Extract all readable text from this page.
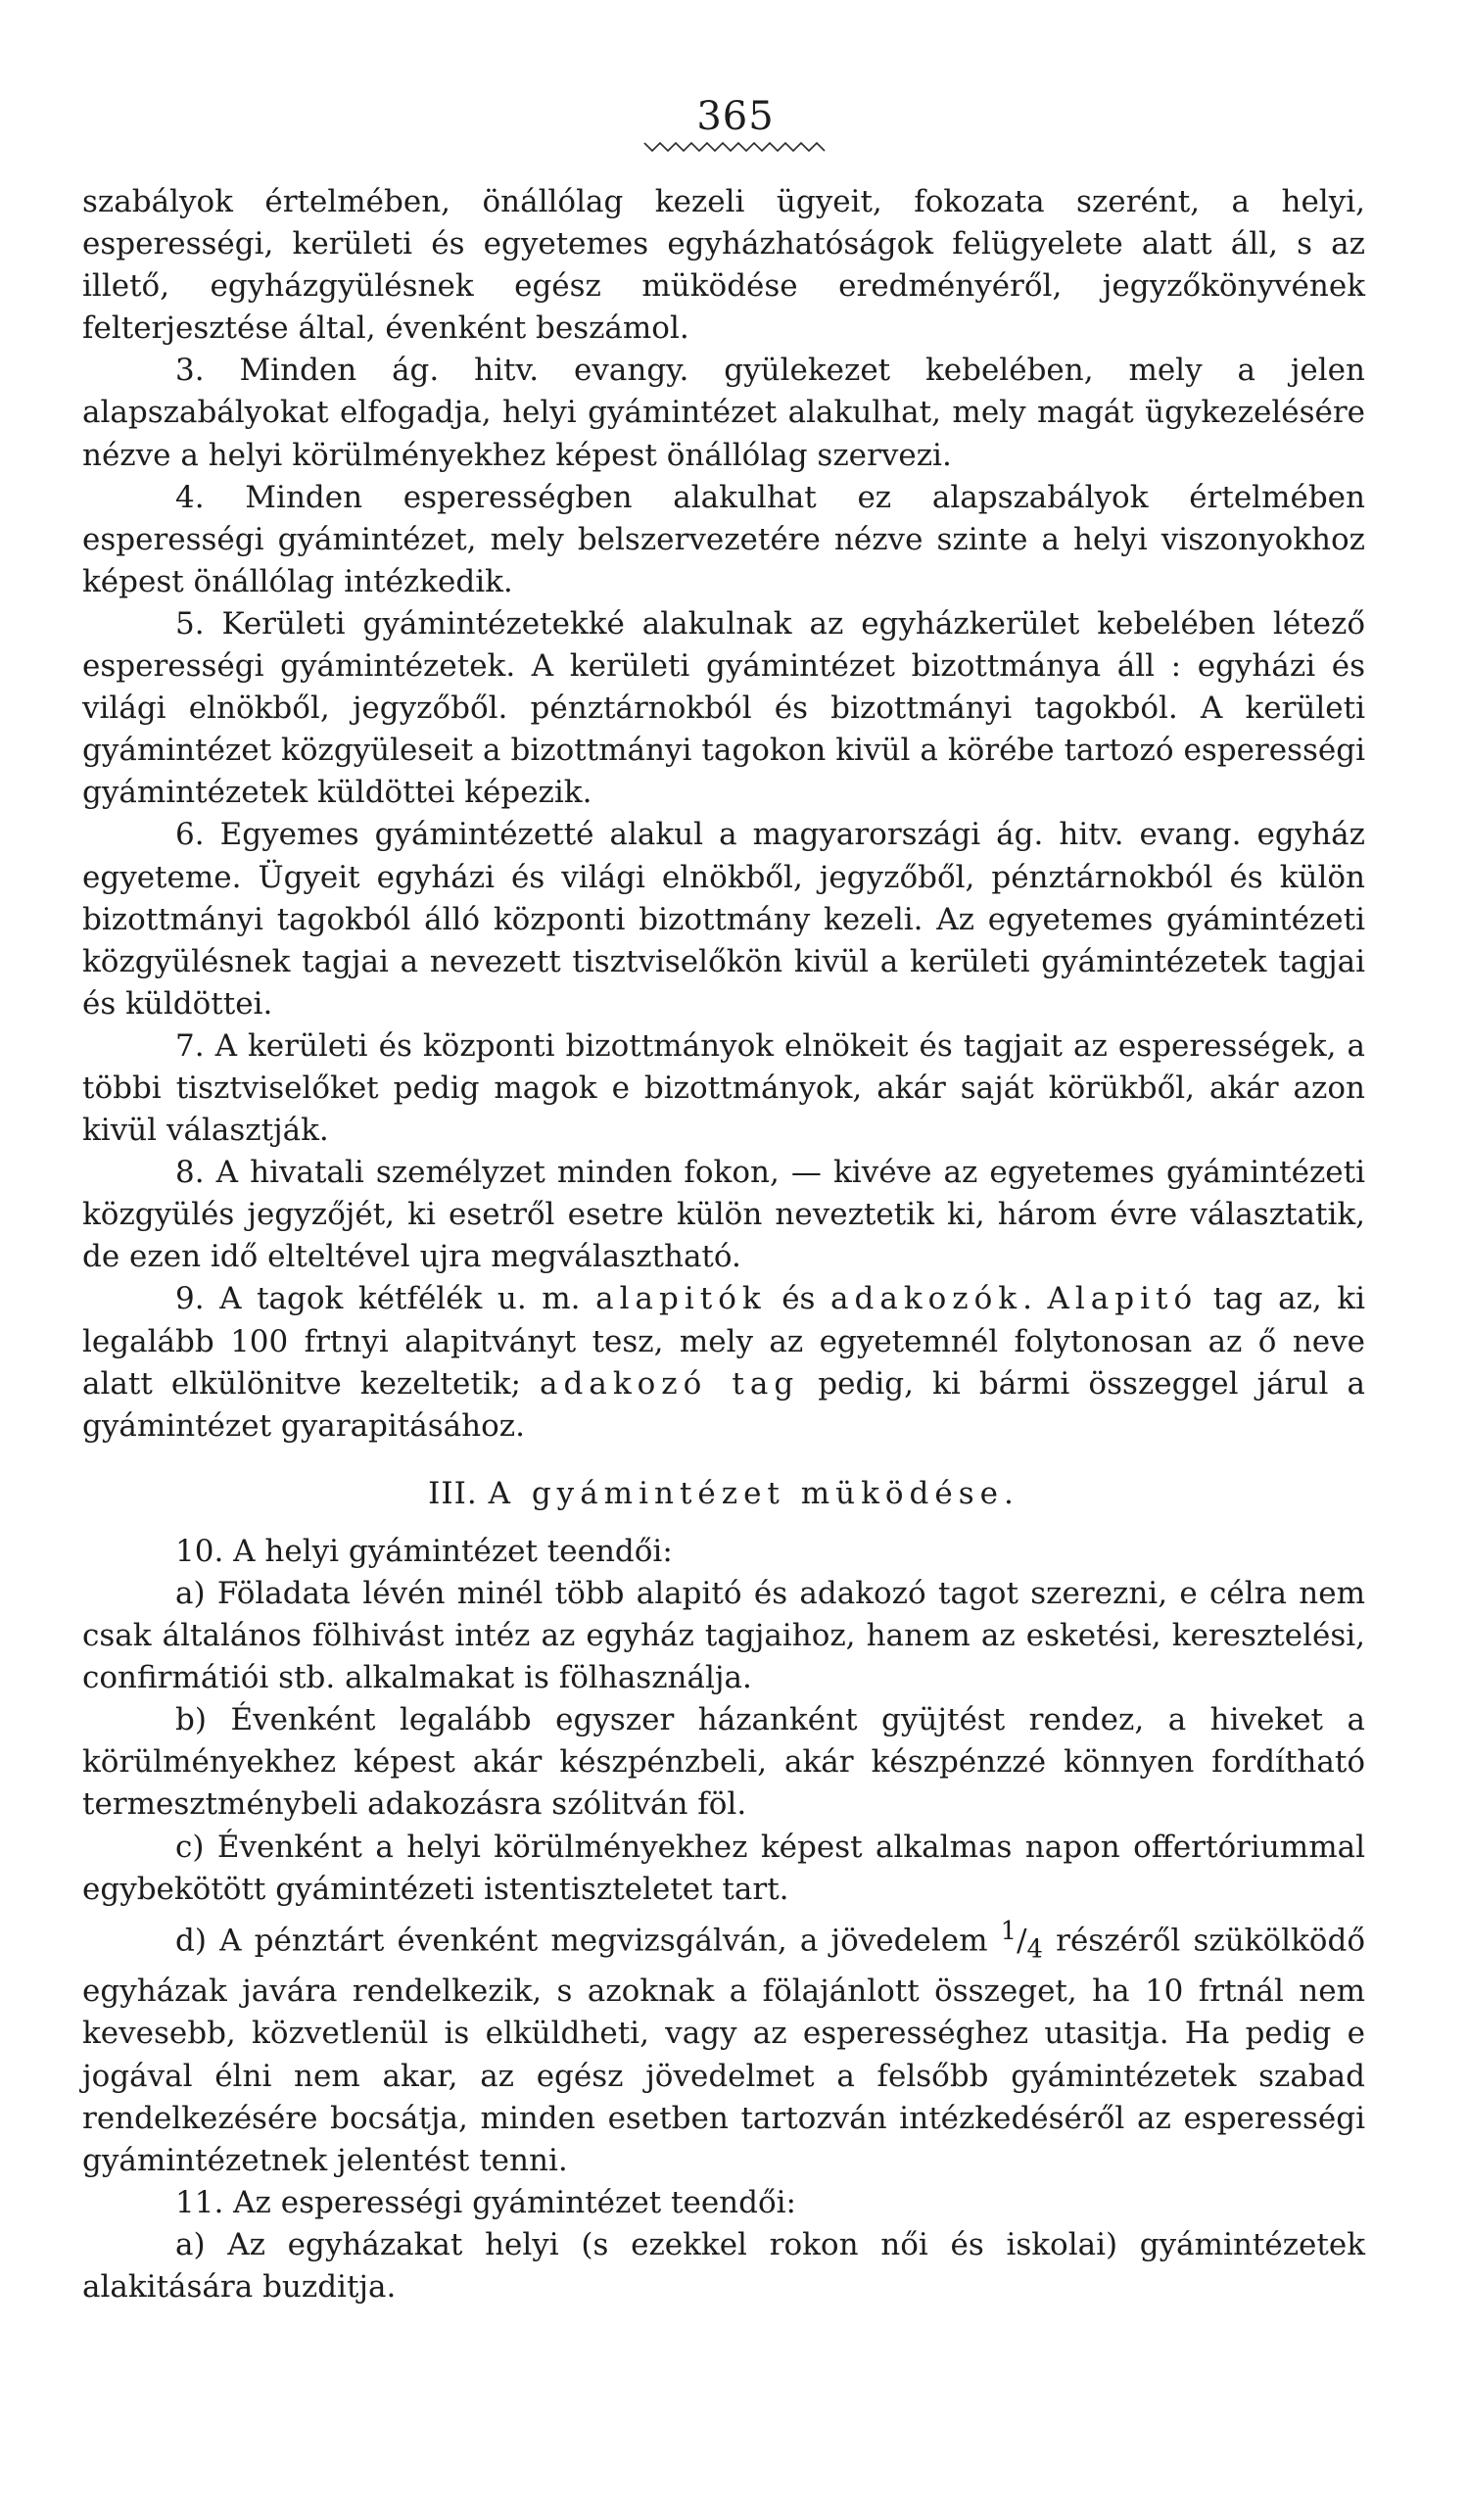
365

szabályok értelmében, önállólag kezeli ügyeit, fokozata szerént, a helyi, esperességi, kerületi és egyetemes egyházhatóságok felügyelete alatt áll, s az illető, egyházgyülésnek egész müködése eredményéről, jegyzőkönyvének felterjesztése által, évenként beszámol.

3. Minden ág. hitv. evangy. gyülekezet kebelében, mely a jelen alapszabályokat elfogadja, helyi gyámintézet alakulhat, mely magát ügykezelésére nézve a helyi körülményekhez képest önállólag szervezi.

4. Minden esperességben alakulhat ez alapszabályok értelmében esperességi gyámintézet, mely belszervezetére nézve szinte a helyi viszonyokhoz képest önállólag intézkedik.

5. Kerületi gyámintézetekké alakulnak az egyházkerület kebelében létező esperességi gyámintézetek. A kerületi gyámintézet bizottmánya áll : egyházi és világi elnökből, jegyzőből. pénztárnokból és bizottmányi tagokból. A kerületi gyámintézet közgyüleseit a bizottmányi tagokon kivül a körébe tartozó esperességi gyámintézetek küldöttei képezik.

6. Egyemes gyámintézetté alakul a magyarországi ág. hitv. evang. egyház egyeteme. Ügyeit egyházi és világi elnökből, jegyzőből, pénztárnokból és külön bizottmányi tagokból álló központi bizottmány kezeli. Az egyetemes gyámintézeti közgyülésnek tagjai a nevezett tisztviselőkön kivül a kerületi gyámintézetek tagjai és küldöttei.

7. A kerületi és központi bizottmányok elnökeit és tagjait az esperességek, a többi tisztviselőket pedig magok e bizottmányok, akár saját körükből, akár azon kivül választják.

8. A hivatali személyzet minden fokon, — kivéve az egyetemes gyámintézeti közgyülés jegyzőjét, ki esetről esetre külön neveztetik ki, három évre választatik, de ezen idő elteltével ujra megválasztható.

9. A tagok kétfélék u. m. alapitók és adakozók. Alapitó tag az, ki legalább 100 frtnyi alapitványt tesz, mely az egyetemnél folytonosan az ő neve alatt elkülönitve kezeltetik; adakozó tag pedig, ki bármi összeggel járul a gyámintézet gyarapitásához.

III. A gyámintézet müködése.

10. A helyi gyámintézet teendői:

a) Föladata lévén minél több alapitó és adakozó tagot szerezni, e célra nem csak általános fölhivást intéz az egyház tagjaihoz, hanem az esketési, keresztelési, confirmátiói stb. alkalmakat is fölhasználja.

b) Évenként legalább egyszer házanként gyüjtést rendez, a hiveket a körülményekhez képest akár készpénzbeli, akár készpénzzé könnyen fordítható termesztménybeli adakozásra szólitván föl.

c) Évenként a helyi körülményekhez képest alkalmas napon offertóriummal egybekötött gyámintézeti istentiszteletet tart.

d) A pénztárt évenként megvizsgálván, a jövedelem $^1/_4$ részéről szükölködő egyházak javára rendelkezik, s azoknak a fölajánlott összeget, ha 10 frtnál nem kevesebb, közvetlenül is elküldheti, vagy az esperességhez utasitja. Ha pedig e jogával élni nem akar, az egész jövedelmet a felsőbb gyámintézetek szabad rendelkezésére bocsátja, minden esetben tartozván intézkedéséről az esperességi gyámintézetnek jelentést tenni.

11. Az esperességi gyámintézet teendői:

a) Az egyházakat helyi (s ezekkel rokon női és iskolai) gyámintézetek alakitására buzditja.
